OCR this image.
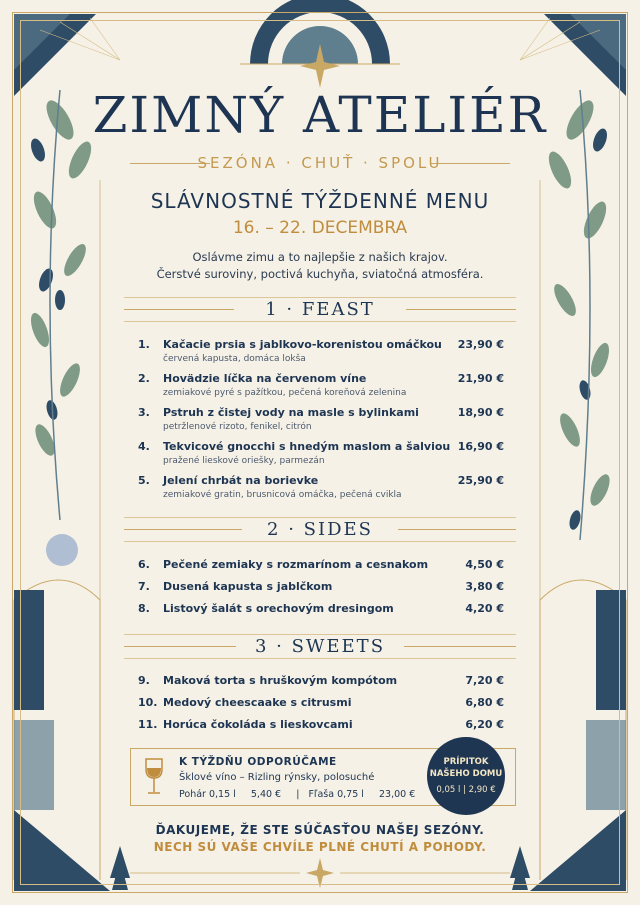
ZIMNÝ ATELIÉR
SEZÓNA · CHUŤ · SPOLU
SLÁVNOSTNÉ TÝŽDENNÉ MENU
16. – 22. DECEMBRA
Oslávme zimu a to najlepšie z našich krajov.
Čerstvé suroviny, poctivá kuchyňa, sviatočná atmosféra.
1 · FEAST
1. Kačacie prsia s jablkovo-korenistou omáčkou
červená kapusta, domáca lokša
23,90 €
2. Hovädzie líčka na červenom víne
zemiakové pyré s pažítkou, pečená koreňová zelenina
21,90 €
3. Pstruh z čistej vody na masle s bylinkami
petržlenové rizoto, fenikel, citrón
18,90 €
4. Tekvicové gnocchi s hnedým maslom a šalviou
pražené lieskové oriešky, parmezán
16,90 €
5. Jelení chrbát na borievke
zemiakové gratin, brusnicová omáčka, pečená cvikla
25,90 €
2 · SIDES
6. Pečené zemiaky s rozmarínom a cesnakom	4,50 €
7. Dusená kapusta s jablčkom	3,80 €
8. Listový šalát s orechovým dresingom	4,20 €
3 · SWEETS
9. Maková torta s hruškovým kompótom	7,20 €
10. Medový cheescaake s citrusmi	6,80 €
11. Horúca čokoláda s lieskovcami	6,20 €
K TÝŽDŇU ODPORÚČAME
Šklové víno – Rizling rýnsky, polosuché
Pohár 0,15 l     5,40 €     |   Fľaša 0,75 l     23,00 €
PRÍPITOK
NAŠEHO DOMU
0,05 l | 2,90 €
ĎAKUJEME, ŽE STE SÚČASŤOU NAŠEJ SEZÓNY.
NECH SÚ VAŠE CHVÍLE PLNÉ CHUTÍ A POHODY.
